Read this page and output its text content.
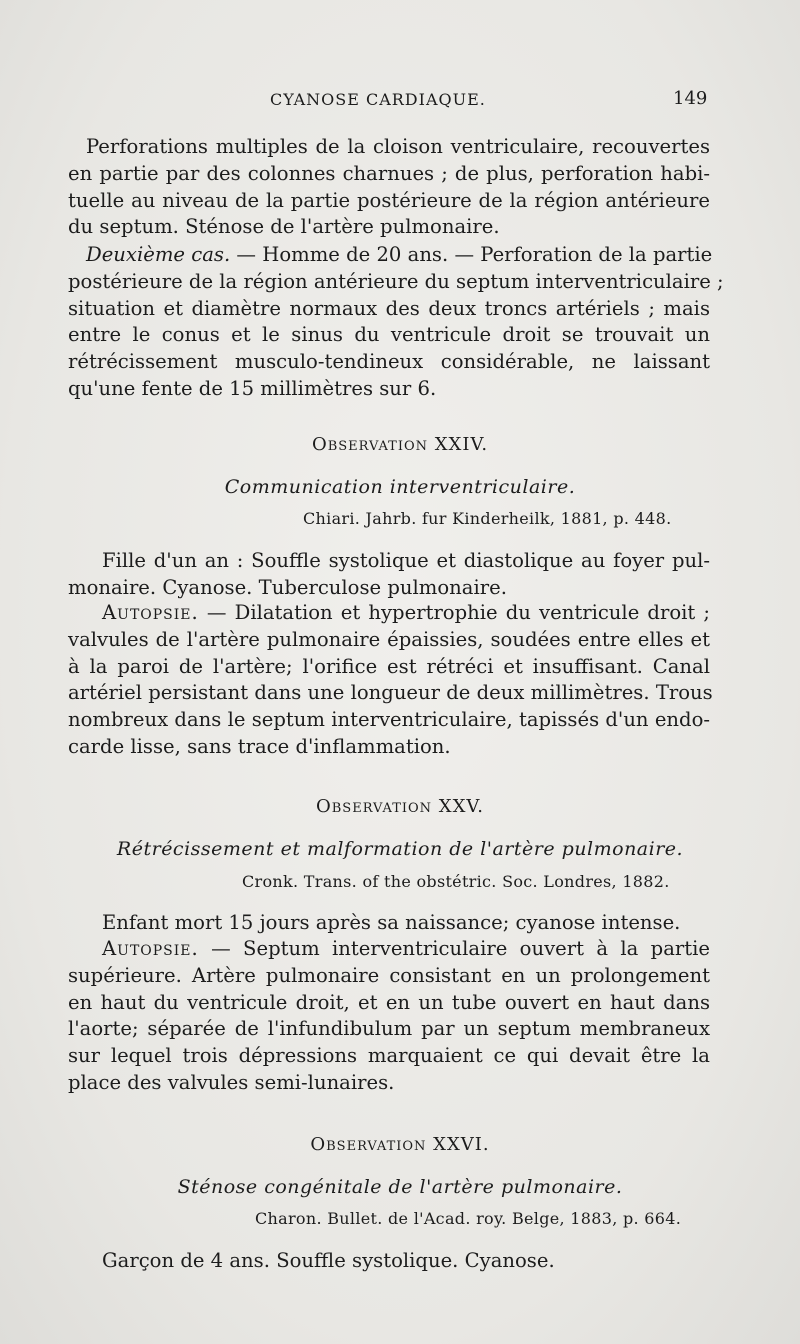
CYANOSE CARDIAQUE.	149

Perforations multiples de la cloison ventriculaire, recouvertes
en partie par des colonnes charnues ; de plus, perforation habi-
tuelle au niveau de la partie postérieure de la région antérieure
du septum. Sténose de l'artère pulmonaire.

Deuxième cas. — Homme de 20 ans. — Perforation de la partie
postérieure de la région antérieure du septum interventriculaire ;
situation et diamètre normaux des deux troncs artériels ; mais
entre le conus et le sinus du ventricule droit se trouvait un
rétrécissement musculo-tendineux considérable, ne laissant
qu'une fente de 15 millimètres sur 6.

Observation XXIV.

Communication interventriculaire.

Chiari. Jahrb. fur Kinderheilk, 1881, p. 448.

Fille d'un an : Souffle systolique et diastolique au foyer pul-
monaire. Cyanose. Tuberculose pulmonaire.

Autopsie. — Dilatation et hypertrophie du ventricule droit ;
valvules de l'artère pulmonaire épaissies, soudées entre elles et
à la paroi de l'artère; l'orifice est rétréci et insuffisant. Canal
artériel persistant dans une longueur de deux millimètres. Trous
nombreux dans le septum interventriculaire, tapissés d'un endo-
carde lisse, sans trace d'inflammation.

Observation XXV.

Rétrécissement et malformation de l'artère pulmonaire.

Cronk. Trans. of the obstétric. Soc. Londres, 1882.

Enfant mort 15 jours après sa naissance; cyanose intense.

Autopsie. — Septum interventriculaire ouvert à la partie
supérieure. Artère pulmonaire consistant en un prolongement
en haut du ventricule droit, et en un tube ouvert en haut dans
l'aorte; séparée de l'infundibulum par un septum membraneux
sur lequel trois dépressions marquaient ce qui devait être la
place des valvules semi-lunaires.

Observation XXVI.

Sténose congénitale de l'artère pulmonaire.

Charon. Bullet. de l'Acad. roy. Belge, 1883, p. 664.

Garçon de 4 ans. Souffle systolique. Cyanose.
